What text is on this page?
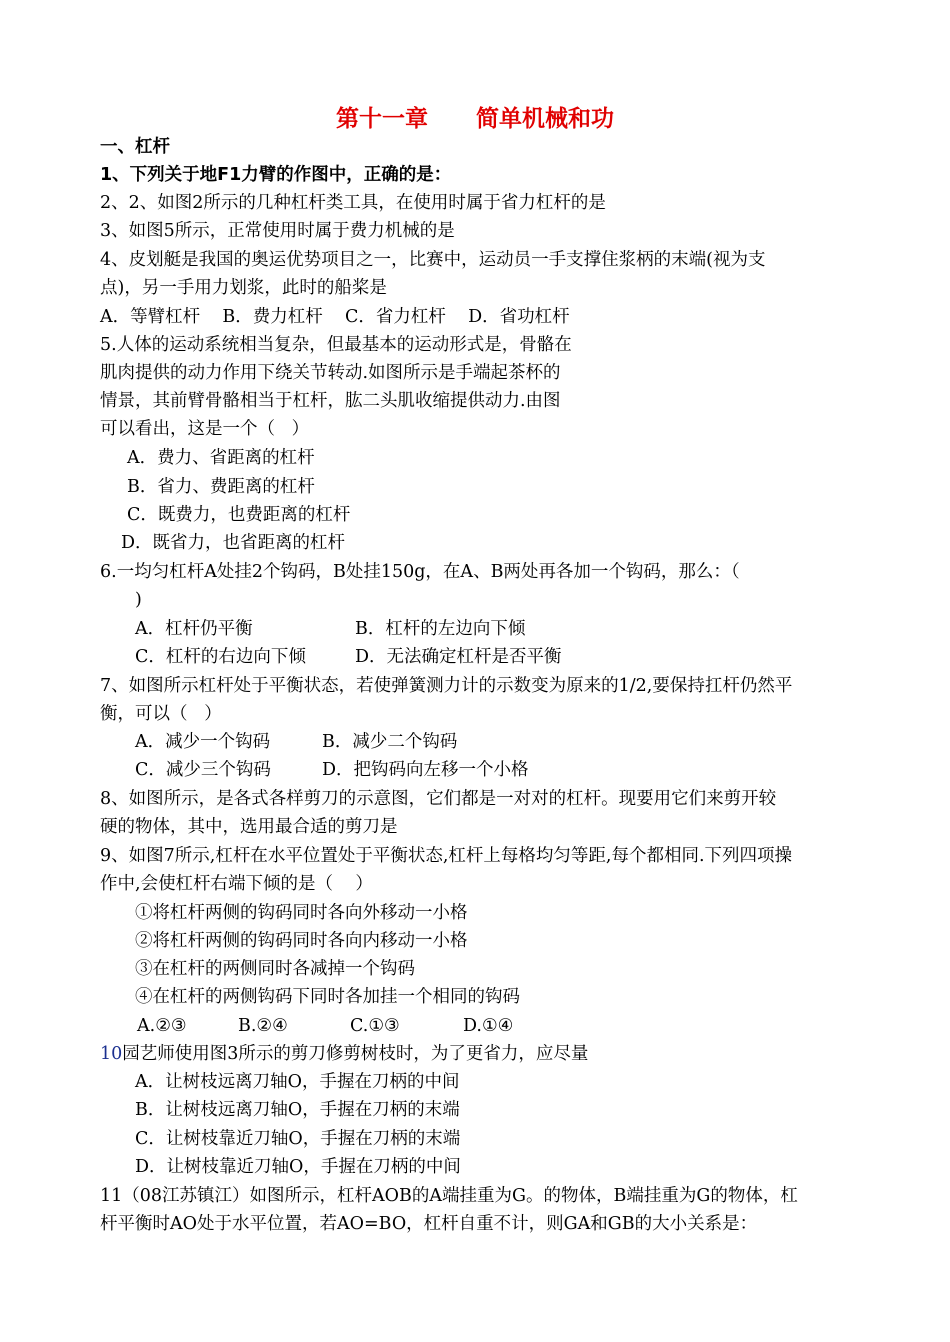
第十一章      简单机械和功
一、杠杆
1、下列关于地F1力臂的作图中，正确的是：
2、2、如图2所示的几种杠杆类工具，在使用时属于省力杠杆的是
3、如图5所示，正常使用时属于费力机械的是
4、皮划艇是我国的奥运优势项目之一，比赛中，运动员一手支撑住浆柄的末端(视为支
点)，另一手用力划浆，此时的船桨是
A．等臂杠杆    B．费力杠杆    C．省力杠杆    D．省功杠杆
5.人体的运动系统相当复杂，但最基本的运动形式是，骨骼在
肌肉提供的动力作用下绕关节转动.如图所示是手端起茶杯的
情景，其前臂骨骼相当于杠杆，肱二头肌收缩提供动力.由图
可以看出，这是一个（   ）
A．费力、省距离的杠杆
B．省力、费距离的杠杆
C．既费力，也费距离的杠杆
D．既省力，也省距离的杠杆
6.一均匀杠杆A处挂2个钩码，B处挂150g，在A、B两处再各加一个钩码，那么：（
)
A．杠杆仍平衡	B．杠杆的左边向下倾
C．杠杆的右边向下倾	D．无法确定杠杆是否平衡
7、如图所示杠杆处于平衡状态，若使弹簧测力计的示数变为原来的1/2,要保持扛杆仍然平
衡，可以（   ）
A．减少一个钩码	B．减少二个钩码
C．减少三个钩码	D．把钩码向左移一个小格
8、如图所示，是各式各样剪刀的示意图，它们都是一对对的杠杆。现要用它们来剪开较
硬的物体，其中，选用最合适的剪刀是
9、如图7所示,杠杆在水平位置处于平衡状态,杠杆上每格均匀等距,每个都相同.下列四项操
作中,会使杠杆右端下倾的是（    ）
①将杠杆两侧的钩码同时各向外移动一小格
②将杠杆两侧的钩码同时各向内移动一小格
③在杠杆的两侧同时各减掉一个钩码
④在杠杆的两侧钩码下同时各加挂一个相同的钩码
A.②③	B.②④	C.①③	D.①④
10园艺师使用图3所示的剪刀修剪树枝时，为了更省力，应尽量
A．让树枝远离刀轴O，手握在刀柄的中间
B．让树枝远离刀轴O，手握在刀柄的末端
C．让树枝靠近刀轴O，手握在刀柄的末端
D．让树枝靠近刀轴O，手握在刀柄的中间
11（08江苏镇江）如图所示，杠杆AOB的A端挂重为G。的物体，B端挂重为G的物体，杠
杆平衡时AO处于水平位置，若AO=BO，杠杆自重不计，则GA和GB的大小关系是：
